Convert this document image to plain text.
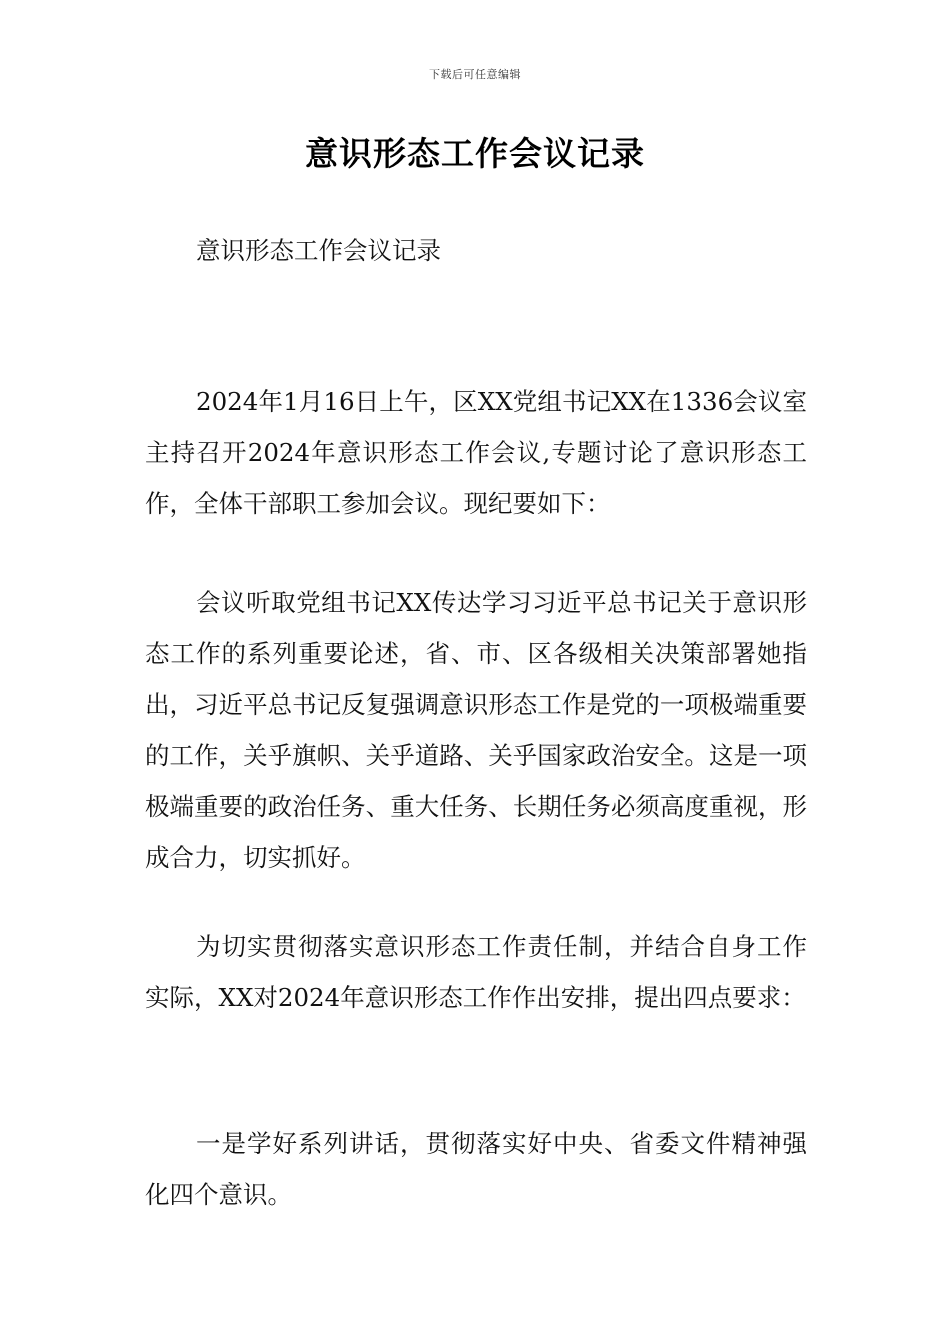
下载后可任意编辑
意识形态工作会议记录

意识形态工作会议记录

2024年1月16日上午，区XX党组书记XX在1336会议室主持召开2024年意识形态工作会议,专题讨论了意识形态工作，全体干部职工参加会议。现纪要如下：

会议听取党组书记XX传达学习习近平总书记关于意识形态工作的系列重要论述，省、市、区各级相关决策部署她指出，习近平总书记反复强调意识形态工作是党的一项极端重要的工作，关乎旗帜、关乎道路、关乎国家政治安全。这是一项极端重要的政治任务、重大任务、长期任务必须高度重视，形成合力，切实抓好。

为切实贯彻落实意识形态工作责任制，并结合自身工作实际，XX对2024年意识形态工作作出安排，提出四点要求：

一是学好系列讲话，贯彻落实好中央、省委文件精神强化四个意识。
